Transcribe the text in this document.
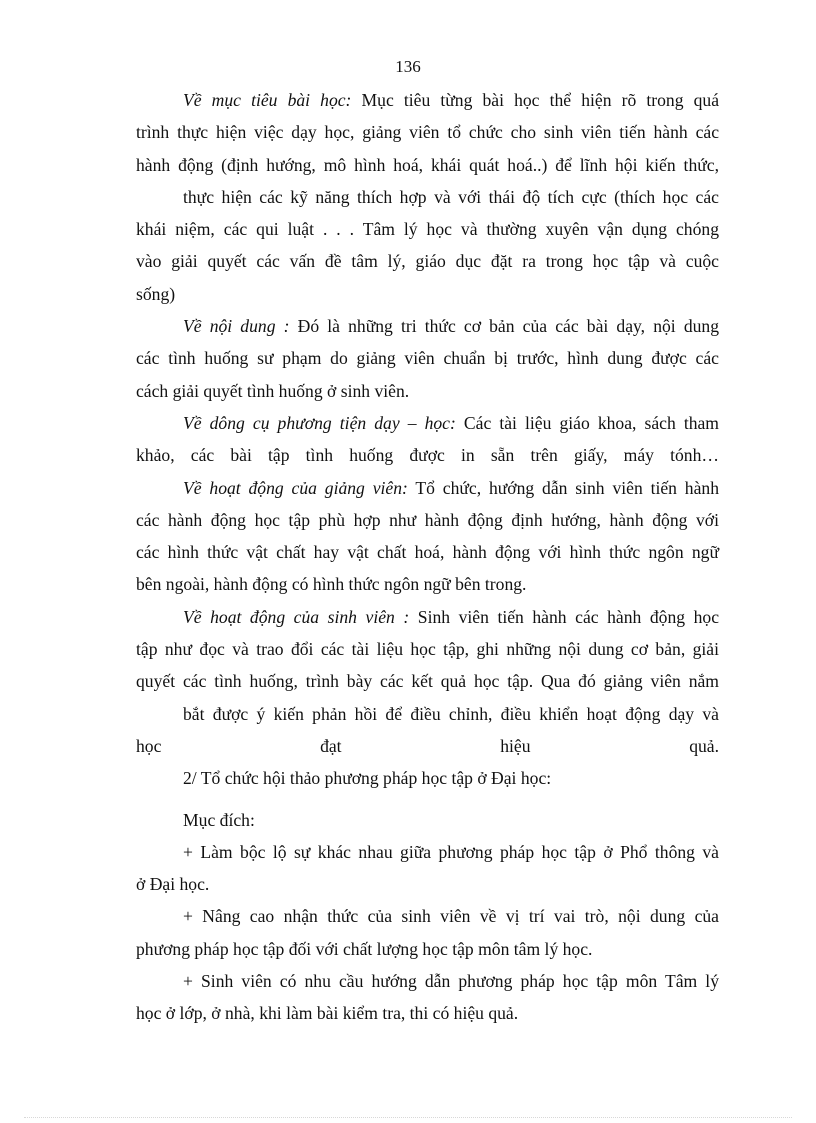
136
Về mục tiêu bài học: Mục tiêu từng bài học thể hiện rõ trong quá
trình thực hiện việc dạy học, giảng viên tổ chức cho sinh viên tiến hành các
hành động (định hướng, mô hình hoá, khái quát hoá..) để lĩnh hội kiến thức,
thực hiện các kỹ năng thích hợp và với thái độ tích cực (thích học các
khái niệm, các qui luật . . . Tâm lý học và thường xuyên vận dụng chóng
vào giải quyết các vấn đề tâm lý, giáo dục đặt ra trong học tập và cuộc
sống)
Về nội dung : Đó là những tri thức cơ bản của các bài dạy, nội dung
các tình huống sư phạm do giảng viên chuẩn bị trước, hình dung được các
cách giải quyết tình huống ở sinh viên.
Về dông cụ phương tiện dạy – học: Các tài liệu giáo khoa, sách tham
khảo, các bài tập tình huống được in sẵn trên giấy, máy tónh…
Về hoạt động của giảng viên: Tổ chức, hướng dẫn sinh viên tiến hành
các hành động học tập phù hợp như hành động định hướng, hành động với
các hình thức vật chất hay vật chất hoá, hành động với hình thức ngôn ngữ
bên ngoài, hành động có hình thức ngôn ngữ bên trong.
Về hoạt động của sinh viên : Sinh viên tiến hành các hành động học
tập như đọc và trao đổi các tài liệu học tập, ghi những nội dung cơ bản, giải
quyết các tình huống, trình bày các kết quả học tập. Qua đó giảng viên nắm
bắt được ý kiến phản hồi để điều chỉnh, điều khiển hoạt động dạy và
học đạt hiệu quả.
2/ Tổ chức hội thảo phương pháp học tập ở Đại học:
Mục đích:
+ Làm bộc lộ sự khác nhau giữa phương pháp học tập ở Phổ thông và
ở Đại học.
+ Nâng cao nhận thức của sinh viên về vị trí vai trò, nội dung của
phương pháp học tập đối với chất lượng học tập môn tâm lý học.
+ Sinh viên có nhu cầu hướng dẫn phương pháp học tập môn Tâm lý
học ở lớp, ở nhà, khi làm bài kiểm tra, thi có hiệu quả.
